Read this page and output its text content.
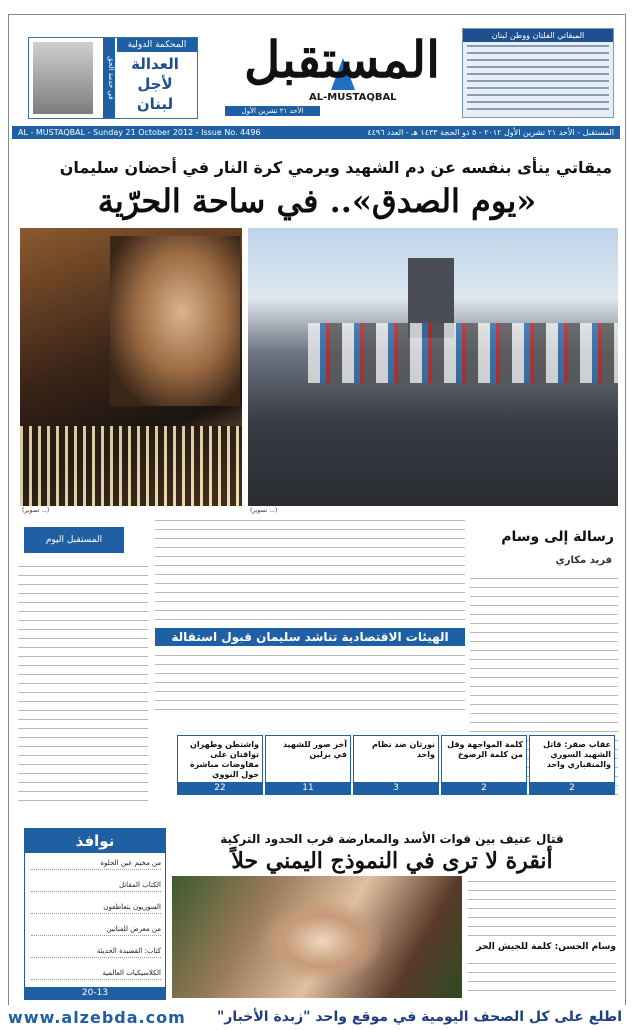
في خدمة الحق
المحكمة الدولية
العدالة لأجل لبنان
المستقبل
AL-MUSTAQBAL
الأحد ٢١ تشرين الأول
الميقاتي الفلتان ووطن لبنان
AL - MUSTAQBAL - Sunday 21 October 2012 - Issue No. 4496	المستقبل - الأحد ٢١ تشرين الأول ٢٠١٢ - ٥ ذو الحجة ١٤٣٣ هـ - العدد ٤٤٩٦
ميقاتي ينأى بنفسه عن دم الشهيد ويرمي كرة النار في أحضان سليمان
«يوم الصدق».. في ساحة الحرّية
(تصوير ...)	(تصوير ...)
المستقبل اليوم
الهيئات الاقتصادية تناشد سليمان قبول استقالة
رسالة إلى وسام
فريد مكاري
عقاب صقر: قاتل الشهيد السوري والمنقباري واحد
2
كلمة المواجهة وقل من كلمة الرصوخ
2
نورثان ضد نظام واحد
3
آخر صور للشهيد في برلين
11
واشنطن وطهران تواقتان على مفاوضات مباشرة حول النووي
22
نوافذ
من مخيم عين الحلوة
الكتاب المقاتل
السوريون يتعاطفون
من معرض للفنانين
كتاب: القصيدة الحديثة
الكلاسيكيات العالمية
20-13
قتال عنيف بين قوات الأسد والمعارضة قرب الحدود التركية
أنقرة لا ترى في النموذج اليمني حلاً
وسام الحسن: كلمة للجيش الحر
www.alzebda.com اطلع على كل الصحف اليومية في موقع واحد "زبدة الأخبار"
